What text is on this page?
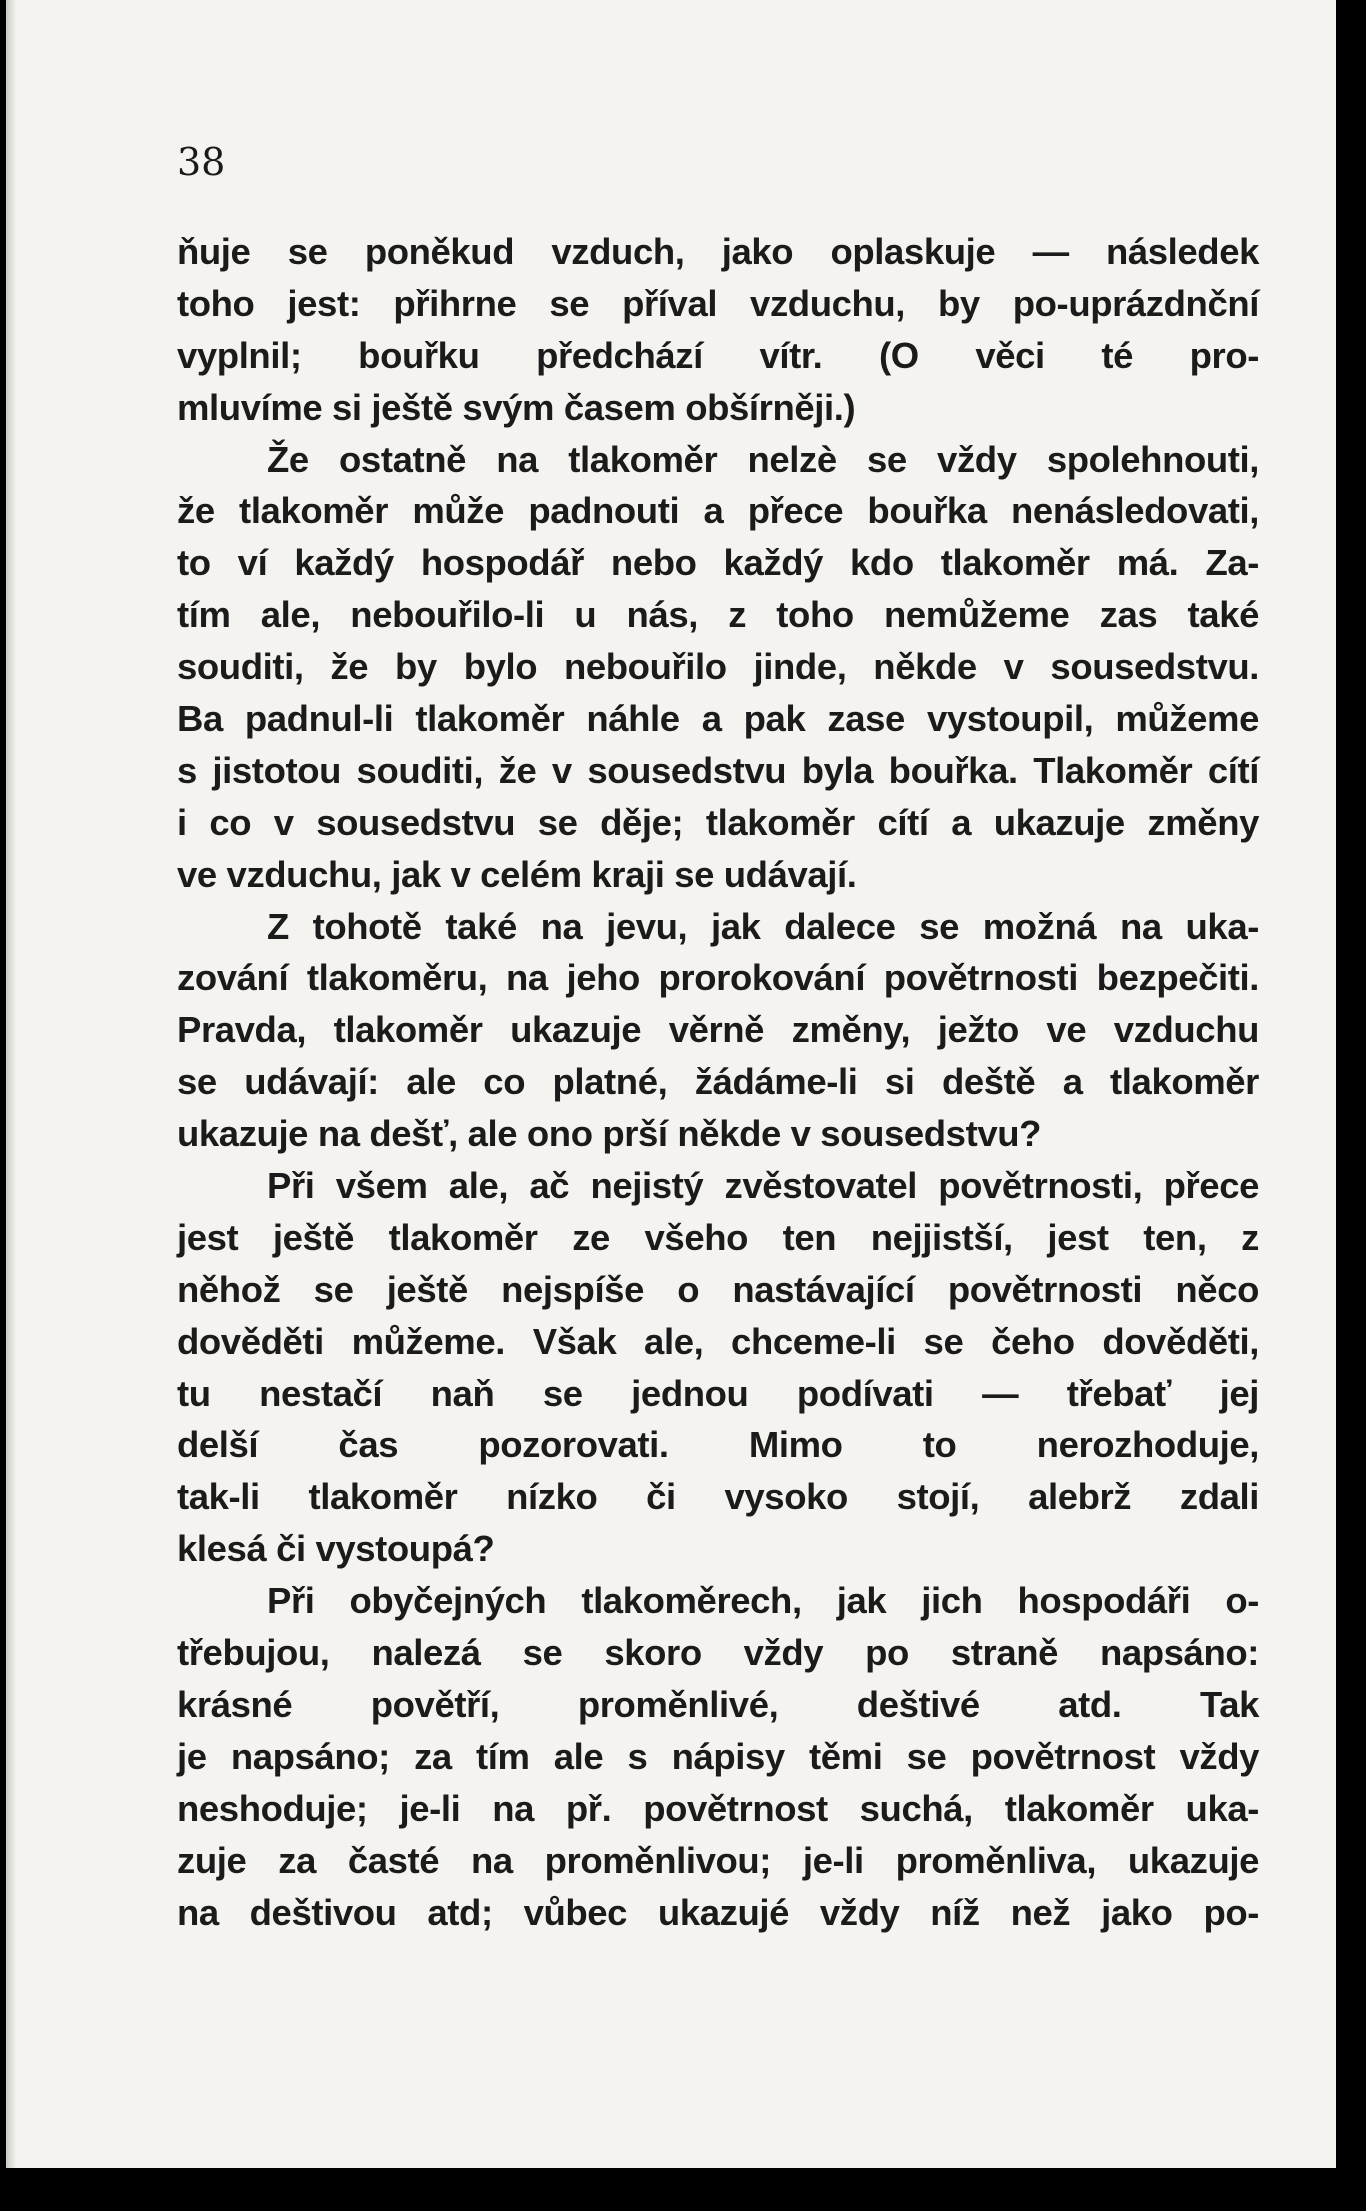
38
ňuje se poněkud vzduch, jako oplaskuje — následek
toho jest: přihrne se příval vzduchu, by po-uprázdnční
vyplnil; bouřku předchází vítr. (O věci té pro-
mluvíme si ještě svým časem obšírněji.)
Že ostatně na tlakoměr nelzè se vždy spolehnouti,
že tlakoměr může padnouti a přece bouřka nenásledovati,
to ví každý hospodář nebo každý kdo tlakoměr má. Za-
tím ale, nebouřilo-li u nás, z toho nemůžeme zas také
souditi, že by bylo nebouřilo jinde, někde v sousedstvu.
Ba padnul-li tlakoměr náhle a pak zase vystoupil, můžeme
s jistotou souditi, že v sousedstvu byla bouřka. Tlakoměr cítí
i co v sousedstvu se děje; tlakoměr cítí a ukazuje změny
ve vzduchu, jak v celém kraji se udávají.
Z tohotě také na jevu, jak dalece se možná na uka-
zování tlakoměru, na jeho prorokování povětrnosti bezpečiti.
Pravda, tlakoměr ukazuje věrně změny, ježto ve vzduchu
se udávají: ale co platné, žádáme-li si deště a tlakoměr
ukazuje na dešť, ale ono prší někde v sousedstvu?
Při všem ale, ač nejistý zvěstovatel povětrnosti, přece
jest ještě tlakoměr ze všeho ten nejjistší, jest ten, z
něhož se ještě nejspíše o nastávající povětrnosti něco
dověděti můžeme. Však ale, chceme-li se čeho dověděti,
tu nestačí naň se jednou podívati — třebať jej
delší čas pozorovati. Mimo to nerozhoduje,
tak-li tlakoměr nízko či vysoko stojí, alebrž zdali
klesá či vystoupá?
Při obyčejných tlakoměrech, jak jich hospodáři o-
třebujou, nalezá se skoro vždy po straně napsáno:
krásné povětří, proměnlivé, deštivé atd. Tak
je napsáno; za tím ale s nápisy těmi se povětrnost vždy
neshoduje; je-li na př. povětrnost suchá, tlakoměr uka-
zuje za časté na proměnlivou; je-li proměnliva, ukazuje
na deštivou atd; vůbec ukazujé vždy níž než jako po-
